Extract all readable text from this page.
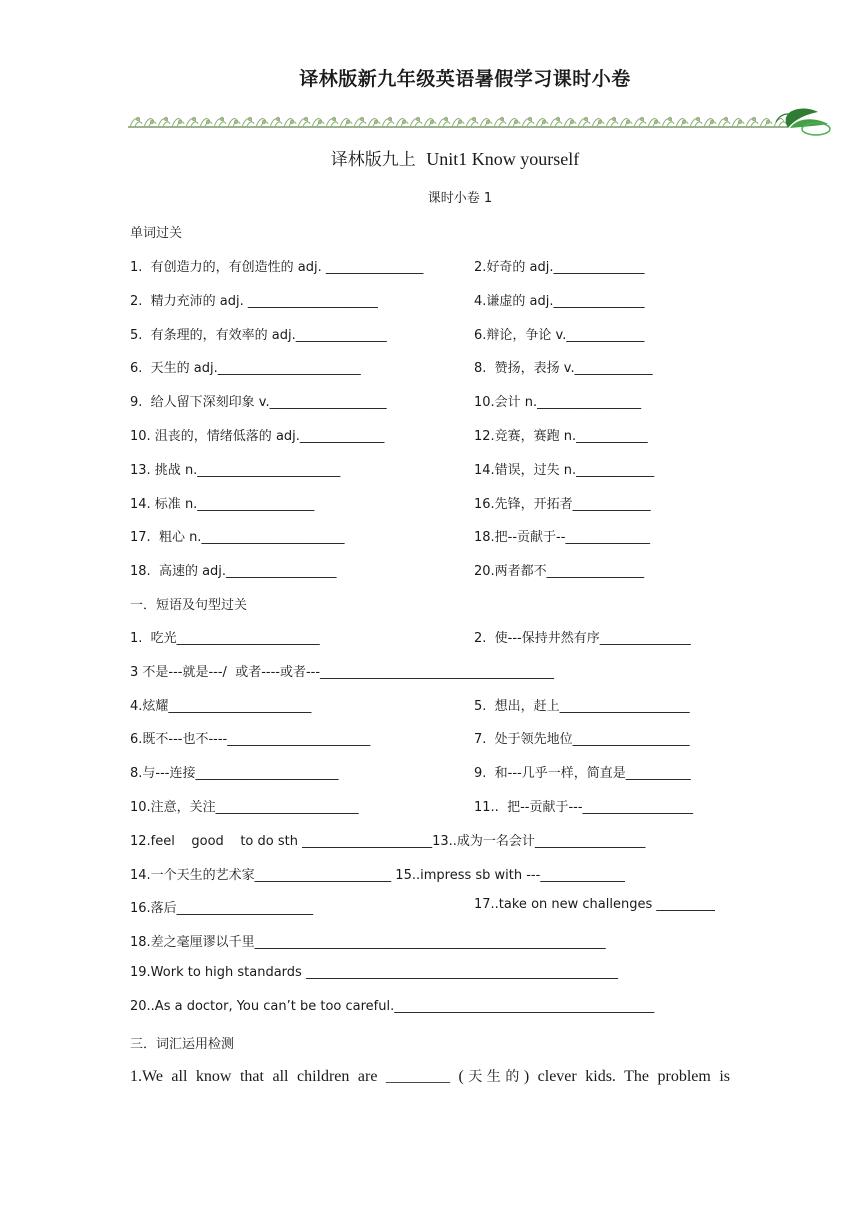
译林版新九年级英语暑假学习课时小卷
译林版九上 Unit1 Know yourself
课时小卷 1
单词过关
1.  有创造力的，有创造性的 adj. _______________	2.好奇的 adj.______________
2.  精力充沛的 adj. ____________________	4.谦虚的 adj.______________
5.  有条理的，有效率的 adj.______________	6.辩论，争论 v.____________
6.  天生的 adj.______________________	8.  赞扬，表扬 v.____________
9.  给人留下深刻印象 v.__________________	10.会计 n.________________
10. 沮丧的，情绪低落的 adj._____________	12.竞赛，赛跑 n.___________
13. 挑战 n.______________________	14.错误，过失 n.____________
14. 标准 n.__________________	16.先锋，开拓者____________
17.  粗心 n.______________________	18.把--贡献于--_____________
18.  高速的 adj._________________	20.两者都不_______________
一．短语及句型过关
1.  吃光______________________	2.  使---保持井然有序______________
3 不是---就是---/  或者----或者---____________________________________
4.炫耀______________________	5.  想出，赶上____________________
6.既不---也不----______________________	7.  处于领先地位__________________
8.与---连接______________________	9.  和---几乎一样，简直是__________
10.注意，关注______________________	11..  把--贡献于---_________________
12.feel    good    to do sth ____________________13..成为一名会计_________________
14.一个天生的艺术家_____________________ 15..impress sb with ---_____________
16.落后_____________________	17..take on new challenges _________
18.差之毫厘谬以千里______________________________________________________
19.Work to high standards ________________________________________________
20..As a doctor, You can’t be too careful.________________________________________
三．词汇运用检测
1.We all know that all children are ________ (天生的) clever kids. The problem is
